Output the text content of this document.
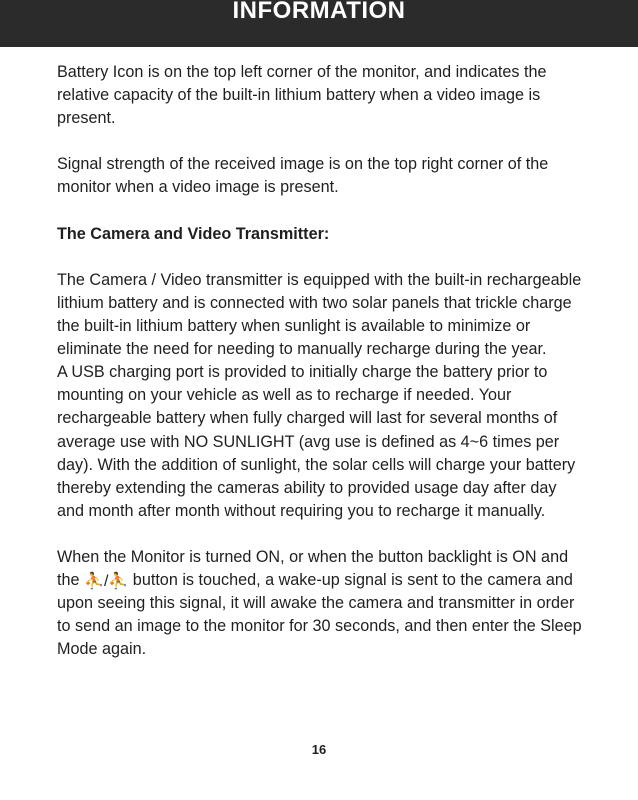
INFORMATION

Battery Icon is on the top left corner of the monitor, and indicates the relative capacity of the built-in lithium battery when a video image is present.

Signal strength of the received image is on the top right corner of the monitor when a video image is present.

The Camera and Video Transmitter:

The Camera / Video transmitter is equipped with the built-in rechargeable lithium battery and is connected with two solar panels that trickle charge the built-in lithium battery when sunlight is available to minimize or eliminate the need for needing to manually recharge during the year.

A USB charging port is provided to initially charge the battery prior to mounting on your vehicle as well as to recharge if needed. Your rechargeable battery when fully charged will last for several months of average use with NO SUNLIGHT (avg use is defined as 4~6 times per day). With the addition of sunlight, the solar cells will charge your battery thereby extending the cameras ability to provided usage day after day and month after month without requiring you to recharge it manually.

When the Monitor is turned ON, or when the button backlight is ON and the ⛹/⛹ button is touched, a wake-up signal is sent to the camera and upon seeing this signal, it will awake the camera and transmitter in order to send an image to the monitor for 30 seconds, and then enter the Sleep Mode again.

16
